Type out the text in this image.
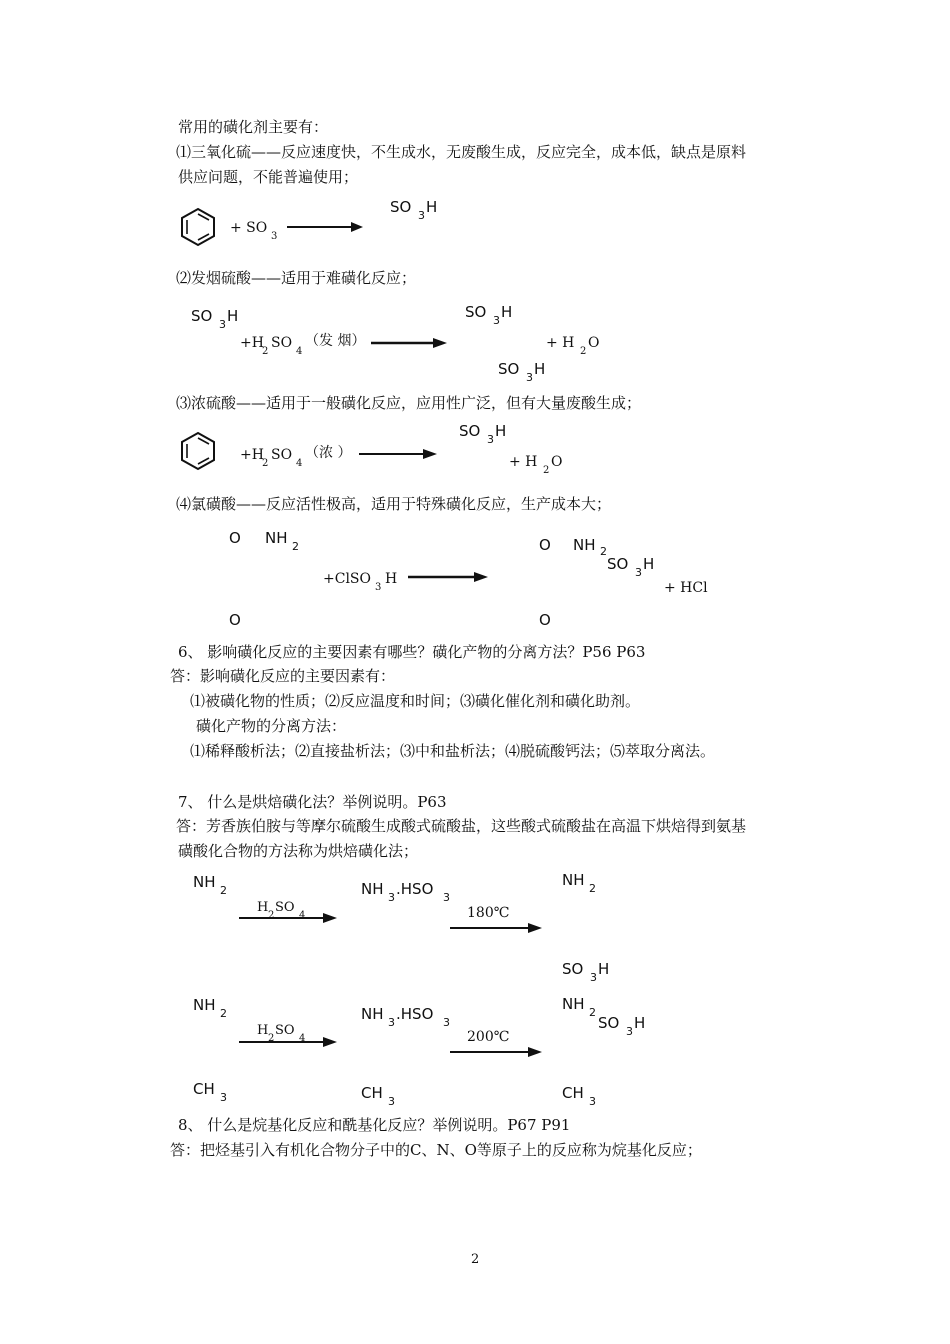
常用的磺化剂主要有：
⑴三氧化硫——反应速度快，不生成水，无废酸生成，反应完全，成本低，缺点是原料
供应问题，不能普遍使用；
+ SO
3
SO 3 H
⑵发烟硫酸——适用于难磺化反应；
SO 3 H
+H
2
SO
4
（发 烟）
SO 3 H
+ H
2
O
SO 3 H
⑶浓硫酸——适用于一般磺化反应，应用性广泛，但有大量废酸生成；
+H
2
SO
4
（浓 ）
SO 3 H
+ H
2
O
⑷氯磺酸——反应活性极高，适用于特殊磺化反应，生产成本大；
O NH 2
O
+ClSO
3
H
O NH 2
SO 3 H
+ HCl
O
6、 影响磺化反应的主要因素有哪些？磺化产物的分离方法？P56 P63
答：影响磺化反应的主要因素有：
⑴被磺化物的性质；⑵反应温度和时间；⑶磺化催化剂和磺化助剂。
磺化产物的分离方法：
⑴稀释酸析法；⑵直接盐析法；⑶中和盐析法；⑷脱硫酸钙法；⑸萃取分离法。
7、 什么是烘焙磺化法？举例说明。P63
答：芳香族伯胺与等摩尔硫酸生成酸式硫酸盐，这些酸式硫酸盐在高温下烘焙得到氨基
磺酸化合物的方法称为烘焙磺化法；
NH 2
H
2
SO
4
NH 3 .HSO 3
180℃
NH 2
SO 3 H
NH 2
CH 3
H
2
SO
4
NH 3 .HSO 3
CH 3
200℃
NH 2
SO 3 H
CH 3
8、 什么是烷基化反应和酰基化反应？举例说明。P67 P91
答：把烃基引入有机化合物分子中的C、N、O等原子上的反应称为烷基化反应；
2
